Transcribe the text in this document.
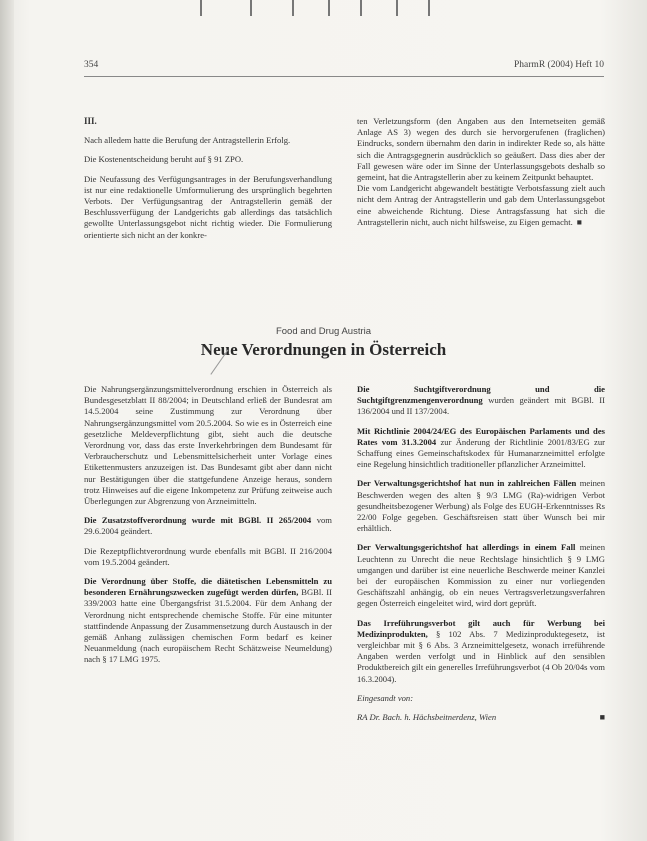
354	PharmR (2004) Heft 10
III.

Nach alledem hatte die Berufung der Antragstellerin Erfolg.

Die Kostenentscheidung beruht auf § 91 ZPO.

Die Neufassung des Verfügungsantrages in der Berufungsverhandlung ist nur eine redaktionelle Umformulierung des ursprünglich begehrten Verbots. Der Verfügungsantrag der Antragstellerin gemäß der Beschlussverfügung der Landgerichts gab allerdings das tatsächlich gewollte Unterlassungsgebot nicht richtig wieder. Die Formulierung orientierte sich nicht an der konkre-

ten Verletzungsform (den Angaben aus den Internetseiten gemäß Anlage AS 3) wegen des durch sie hervorgerufenen (fraglichen) Eindrucks, sondern übernahm den darin in indirekter Rede so, als hätte sich die Antragsgegnerin ausdrücklich so geäußert. Dass dies aber der Fall gewesen wäre oder im Sinne der Unterlassungsgebots deshalb so gemeint, hat die Antragstellerin aber zu keinem Zeitpunkt behauptet.

Die vom Landgericht abgewandelt bestätigte Verbotsfassung zielt auch nicht dem Antrag der Antragstellerin und gab dem Unterlassungsgebot eine abweichende Richtung. Diese Antragsfassung hat sich die Antragstellerin nicht, auch nicht hilfsweise, zu Eigen gemacht. ■

Food and Drug Austria
Neue Verordnungen in Österreich

Die Nahrungsergänzungsmittelverordnung erschien in Österreich als Bundesgesetzblatt II 88/2004; in Deutschland erließ der Bundesrat am 14.5.2004 seine Zustimmung zur Verordnung über Nahrungsergänzungsmittel vom 20.5.2004. So wie es in Österreich eine gesetzliche Meldeverpflichtung gibt, sieht auch die deutsche Verordnung vor, dass das erste Inverkehrbringen dem Bundesamt für Verbraucherschutz und Lebensmittelsicherheit unter Vorlage eines Etikettenmusters anzuzeigen ist. Das Bundesamt gibt aber dann nicht nur Bestätigungen über die stattgefundene Anzeige heraus, sondern trotz Hinweises auf die eigene Inkompetenz zur Prüfung zeitweise auch Überlegungen zur Abgrenzung von Arzneimitteln.

Die Zusatzstoffverordnung wurde mit BGBl. II 265/2004 vom 29.6.2004 geändert.

Die Rezeptpflichtverordnung wurde ebenfalls mit BGBl. II 216/2004 vom 19.5.2004 geändert.

Die Verordnung über Stoffe, die diätetischen Lebensmitteln zu besonderen Ernährungszwecken zugefügt werden dürfen, BGBl. II 339/2003 hatte eine Übergangsfrist 31.5.2004. Für dem Anhang der Verordnung nicht entsprechende chemische Stoffe. Für eine mitunter stattfindende Anpassung der Zusammensetzung durch Austausch in der gemäß Anhang zulässigen chemischen Form bedarf es keiner Neuanmeldung (nach europäischem Recht Schätzweise Neumeldung) nach § 17 LMG 1975.

Die Suchtgiftverordnung und die Suchtgiftgrenzmengenverordnung wurden geändert mit BGBl. II 136/2004 und II 137/2004.

Mit Richtlinie 2004/24/EG des Europäischen Parlaments und des Rates vom 31.3.2004 zur Änderung der Richtlinie 2001/83/EG zur Schaffung eines Gemeinschaftskodex für Humanarzneimittel erfolgte eine Regelung hinsichtlich traditioneller pflanzlicher Arzneimittel.

Der Verwaltungsgerichtshof hat nun in zahlreichen Fällen meinen Beschwerden wegen des alten § 9/3 LMG (Ra)-widrigen Verbot gesundheitsbezogener Werbung) als Folge des EUGH-Erkenntnisses Rs 22/00 Folge gegeben. Geschäftsreisen statt über Wunsch bei mir erhältlich.

Der Verwaltungsgerichtshof hat allerdings in einem Fall meinen Leuchtenn zu Unrecht die neue Rechtslage hinsichtlich § 9 LMG umgangen und darüber ist eine neuerliche Beschwerde meiner Kanzlei bei der europäischen Kommission zu einer nur vorliegenden Geschäftszahl anhängig, ob ein neues Vertragsverletzungsverfahren gegen Österreich eingeleitet wird, wird dort geprüft.

Das Irreführungsverbot gilt auch für Werbung bei Medizinprodukten, § 102 Abs. 7 Medizinproduktegesetz, ist vergleichbar mit § 6 Abs. 3 Arzneimittelgesetz, wonach irreführende Angaben werden verfolgt und in Hinblick auf den sensiblen Produktbereich gilt ein generelles Irreführungsverbot (4 Ob 20/04s vom 16.3.2004).

Eingesandt von:

RA Dr. Bach. h. Hächsbeitnerdenz, Wien	■
